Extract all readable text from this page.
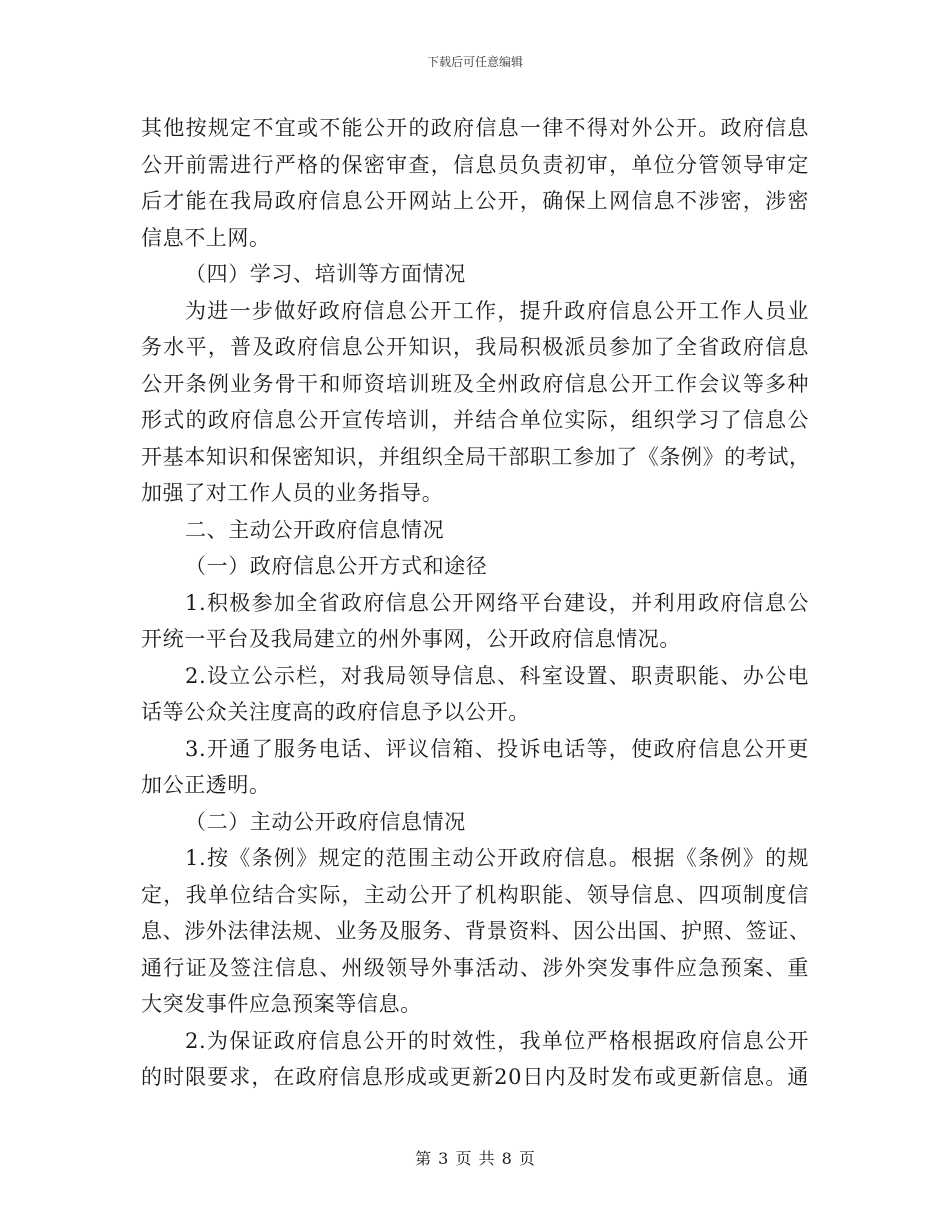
下载后可任意编辑
其他按规定不宜或不能公开的政府信息一律不得对外公开。政府信息
公开前需进行严格的保密审查，信息员负责初审，单位分管领导审定
后才能在我局政府信息公开网站上公开，确保上网信息不涉密，涉密
信息不上网。
（四）学习、培训等方面情况
为进一步做好政府信息公开工作，提升政府信息公开工作人员业
务水平，普及政府信息公开知识，我局积极派员参加了全省政府信息
公开条例业务骨干和师资培训班及全州政府信息公开工作会议等多种
形式的政府信息公开宣传培训，并结合单位实际，组织学习了信息公
开基本知识和保密知识，并组织全局干部职工参加了《条例》的考试，
加强了对工作人员的业务指导。
二、主动公开政府信息情况
（一）政府信息公开方式和途径
1.积极参加全省政府信息公开网络平台建设，并利用政府信息公
开统一平台及我局建立的州外事网，公开政府信息情况。
2.设立公示栏，对我局领导信息、科室设置、职责职能、办公电
话等公众关注度高的政府信息予以公开。
3.开通了服务电话、评议信箱、投诉电话等，使政府信息公开更
加公正透明。
（二）主动公开政府信息情况
1.按《条例》规定的范围主动公开政府信息。根据《条例》的规
定，我单位结合实际，主动公开了机构职能、领导信息、四项制度信
息、涉外法律法规、业务及服务、背景资料、因公出国、护照、签证、
通行证及签注信息、州级领导外事活动、涉外突发事件应急预案、重
大突发事件应急预案等信息。
2.为保证政府信息公开的时效性，我单位严格根据政府信息公开
的时限要求，在政府信息形成或更新20日内及时发布或更新信息。通
第 3 页 共 8 页
